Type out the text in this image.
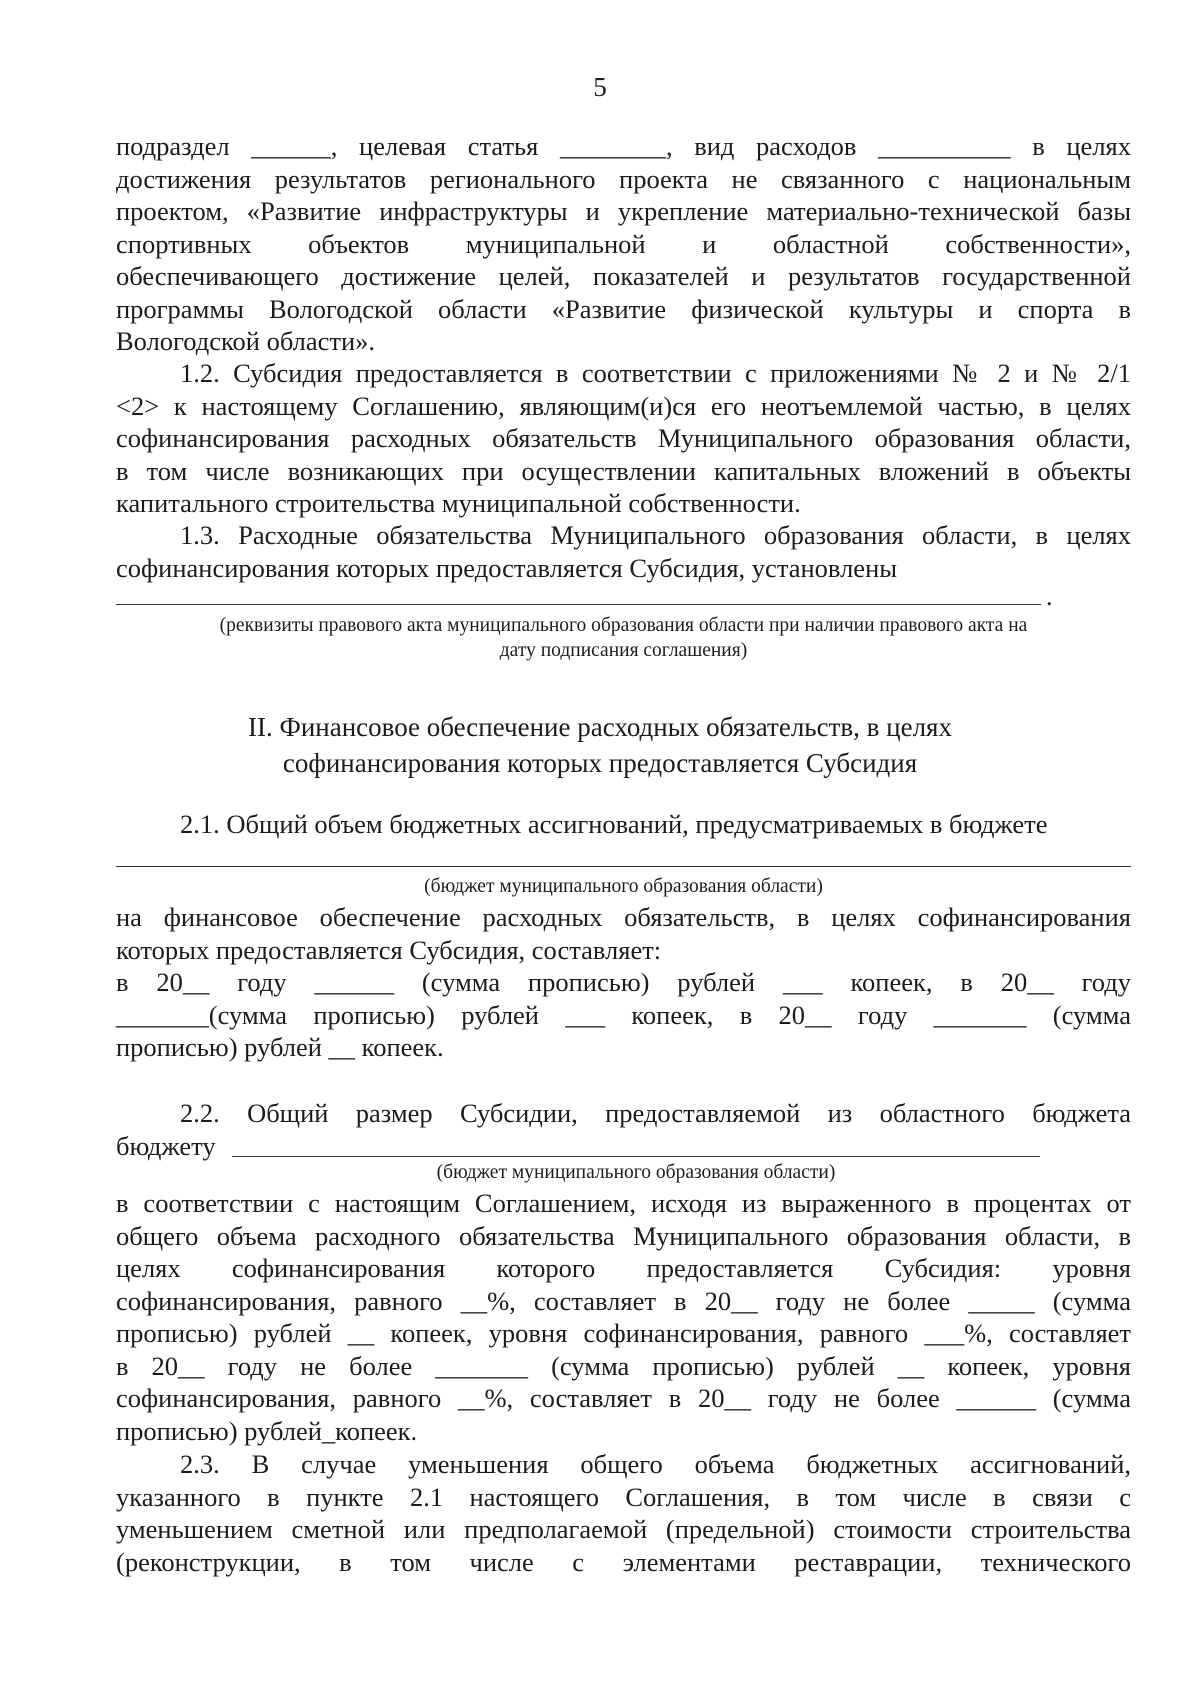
5
подраздел ______, целевая статья ________, вид расходов __________ в целях
достижения результатов регионального проекта не связанного с национальным
проектом, «Развитие инфраструктуры и укрепление материально-технической базы
спортивных объектов муниципальной и областной собственности»,
обеспечивающего достижение целей, показателей и результатов государственной
программы Вологодской области «Развитие физической культуры и спорта в
Вологодской области».
1.2. Субсидия предоставляется в соответствии с приложениями № 2 и № 2/1
<2> к настоящему Соглашению, являющим(и)ся его неотъемлемой частью, в целях
софинансирования расходных обязательств Муниципального образования области,
в том числе возникающих при осуществлении капитальных вложений в объекты
капитального строительства муниципальной собственности.
1.3. Расходные обязательства Муниципального образования области, в целях
софинансирования которых предоставляется Субсидия, установлены
.
(реквизиты правового акта муниципального образования области при наличии правового акта на
дату подписания соглашения)
II. Финансовое обеспечение расходных обязательств, в целях
софинансирования которых предоставляется Субсидия
2.1. Общий объем бюджетных ассигнований, предусматриваемых в бюджете
(бюджет муниципального образования области)
на финансовое обеспечение расходных обязательств, в целях софинансирования
которых предоставляется Субсидия, составляет:
в 20__ году ______ (сумма прописью) рублей ___ копеек, в 20__ году
_______(сумма прописью) рублей ___ копеек, в 20__ году _______ (сумма
прописью) рублей __ копеек.
2.2. Общий размер Субсидии, предоставляемой из областного бюджета
бюджету
(бюджет муниципального образования области)
в соответствии с настоящим Соглашением, исходя из выраженного в процентах от
общего объема расходного обязательства Муниципального образования области, в
целях софинансирования которого предоставляется Субсидия: уровня
софинансирования, равного __%, составляет в 20__ году не более _____ (сумма
прописью) рублей __ копеек, уровня софинансирования, равного ___%, составляет
в 20__ году не более _______ (сумма прописью) рублей __ копеек, уровня
софинансирования, равного __%, составляет в 20__ году не более ______ (сумма
прописью) рублей_копеек.
2.3. В случае уменьшения общего объема бюджетных ассигнований,
указанного в пункте 2.1 настоящего Соглашения, в том числе в связи с
уменьшением сметной или предполагаемой (предельной) стоимости строительства
(реконструкции, в том числе с элементами реставрации, технического
